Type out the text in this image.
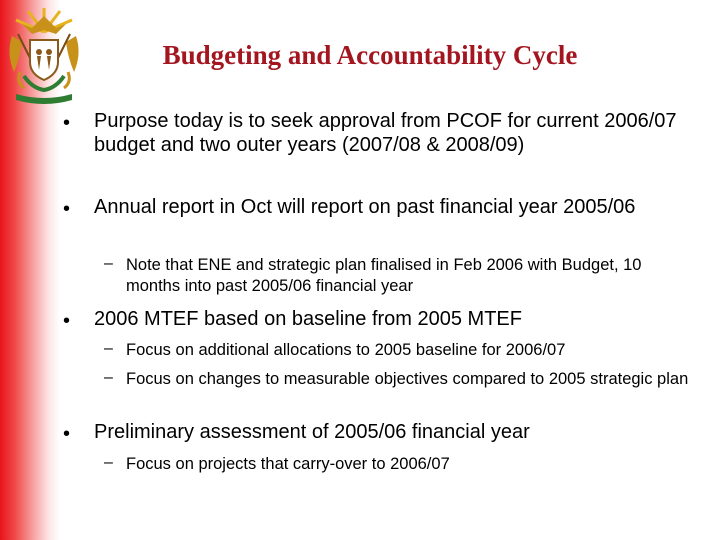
Budgeting and Accountability Cycle
• Purpose today is to seek approval from PCOF for current 2006/07 budget and two outer years (2007/08 & 2008/09)
• Annual report in Oct will report on past financial year 2005/06
– Note that ENE and strategic plan finalised in Feb 2006 with Budget, 10 months into past 2005/06 financial year
• 2006 MTEF based on baseline from 2005 MTEF
– Focus on additional allocations to 2005 baseline for 2006/07
– Focus on changes to measurable objectives compared to 2005 strategic plan
• Preliminary assessment of 2005/06 financial year
– Focus on projects that carry-over to 2006/07
